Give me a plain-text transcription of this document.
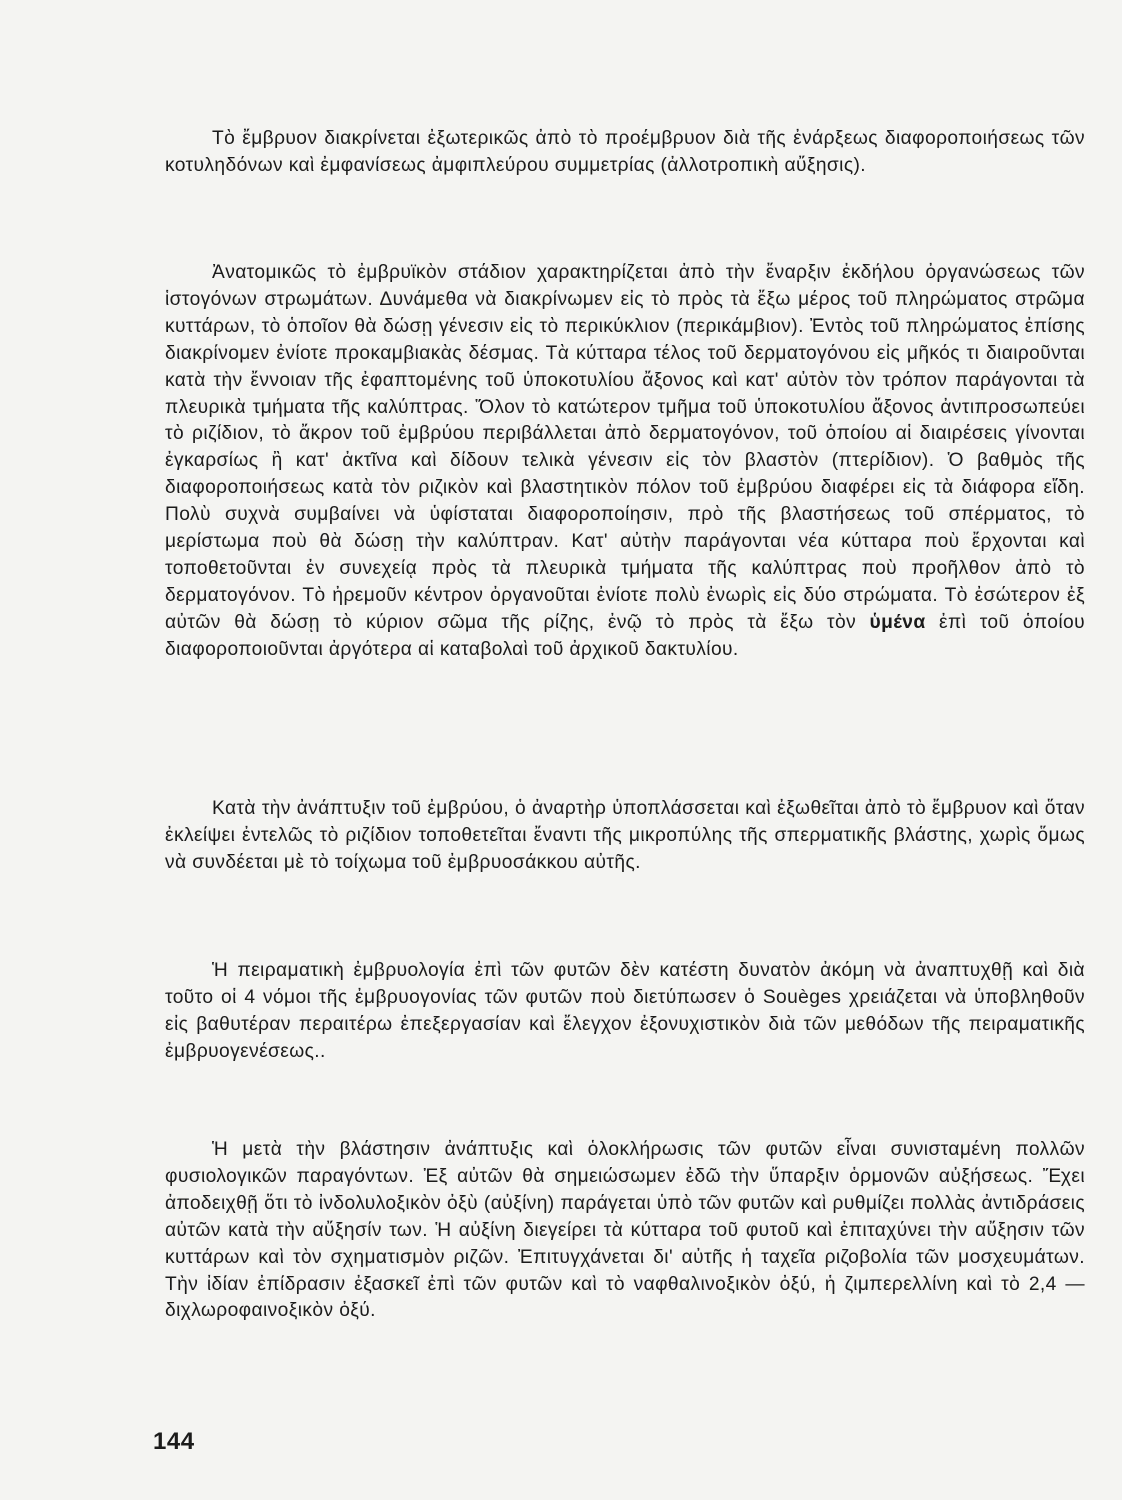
Τὸ ἔμβρυον διακρίνεται ἐξωτερικῶς ἀπὸ τὸ προέμβρυον διὰ τῆς ἐνάρξεως διαφοροποιήσεως τῶν κοτυληδόνων καὶ ἐμφανίσεως ἀμφιπλεύρου συμμετρίας (ἀλλοτροπικὴ αὔξησις).

Ἀνατομικῶς τὸ ἐμβρυϊκὸν στάδιον χαρακτηρίζεται ἀπὸ τὴν ἔναρξιν ἐκδήλου ὀργανώσεως τῶν ἱστογόνων στρωμάτων. Δυνάμεθα νὰ διακρίνωμεν εἰς τὸ πρὸς τὰ ἔξω μέρος τοῦ πληρώματος στρῶμα κυττάρων, τὸ ὁποῖον θὰ δώσῃ γένεσιν εἰς τὸ περικύκλιον (περικάμβιον). Ἐντὸς τοῦ πληρώματος ἐπίσης διακρίνομεν ἐνίοτε προκαμβιακὰς δέσμας. Τὰ κύτταρα τέλος τοῦ δερματογόνου εἰς μῆκός τι διαιροῦνται κατὰ τὴν ἔννοιαν τῆς ἐφαπτομένης τοῦ ὑποκοτυλίου ἄξονος καὶ κατ' αὐτὸν τὸν τρόπον παράγονται τὰ πλευρικὰ τμήματα τῆς καλύπτρας. Ὅλον τὸ κατώτερον τμῆμα τοῦ ὑποκοτυλίου ἄξονος ἀντιπροσωπεύει τὸ ριζίδιον, τὸ ἄκρον τοῦ ἐμβρύου περιβάλλεται ἀπὸ δερματογόνον, τοῦ ὁποίου αἱ διαιρέσεις γίνονται ἐγκαρσίως ἢ κατ' ἀκτῖνα καὶ δίδουν τελικὰ γένεσιν εἰς τὸν βλαστὸν (πτερίδιον). Ὁ βαθμὸς τῆς διαφοροποιήσεως κατὰ τὸν ριζικὸν καὶ βλαστητικὸν πόλον τοῦ ἐμβρύου διαφέρει εἰς τὰ διάφορα εἴδη. Πολὺ συχνὰ συμβαίνει νὰ ὑφίσταται διαφοροποίησιν, πρὸ τῆς βλαστήσεως τοῦ σπέρματος, τὸ μερίστωμα ποὺ θὰ δώσῃ τὴν καλύπτραν. Κατ' αὐτὴν παράγονται νέα κύτταρα ποὺ ἔρχονται καὶ τοποθετοῦνται ἐν συνεχείᾳ πρὸς τὰ πλευρικὰ τμήματα τῆς καλύπτρας ποὺ προῆλθον ἀπὸ τὸ δερματογόνον. Τὸ ἠρεμοῦν κέντρον ὀργανοῦται ἐνίοτε πολὺ ἐνωρὶς εἰς δύο στρώματα. Τὸ ἐσώτερον ἐξ αὐτῶν θὰ δώσῃ τὸ κύριον σῶμα τῆς ρίζης, ἐνῷ τὸ πρὸς τὰ ἔξω τὸν ὑμένα ἐπὶ τοῦ ὁποίου διαφοροποιοῦνται ἀργότερα αἱ καταβολαὶ τοῦ ἀρχικοῦ δακτυλίου.

Κατὰ τὴν ἀνάπτυξιν τοῦ ἐμβρύου, ὁ ἀναρτὴρ ὑποπλάσσεται καὶ ἐξωθεῖται ἀπὸ τὸ ἔμβρυον καὶ ὅταν ἐκλείψει ἐντελῶς τὸ ριζίδιον τοποθετεῖται ἔναντι τῆς μικροπύλης τῆς σπερματικῆς βλάστης, χωρὶς ὅμως νὰ συνδέεται μὲ τὸ τοίχωμα τοῦ ἐμβρυοσάκκου αὐτῆς.

Ἡ πειραματικὴ ἐμβρυολογία ἐπὶ τῶν φυτῶν δὲν κατέστη δυνατὸν ἀκόμη νὰ ἀναπτυχθῇ καὶ διὰ τοῦτο οἱ 4 νόμοι τῆς ἐμβρυογονίας τῶν φυτῶν ποὺ διετύπωσεν ὁ Souèges χρειάζεται νὰ ὑποβληθοῦν εἰς βαθυτέραν περαιτέρω ἐπεξεργασίαν καὶ ἔλεγχον ἐξονυχιστικὸν διὰ τῶν μεθόδων τῆς πειραματικῆς ἐμβρυογενέσεως..

Ἡ μετὰ τὴν βλάστησιν ἀνάπτυξις καὶ ὁλοκλήρωσις τῶν φυτῶν εἶναι συνισταμένη πολλῶν φυσιολογικῶν παραγόντων. Ἐξ αὐτῶν θὰ σημειώσωμεν ἐδῶ τὴν ὕπαρξιν ὁρμονῶν αὐξήσεως. Ἔχει ἀποδειχθῇ ὅτι τὸ ἰνδολυλοξικὸν ὀξὺ (αὐξίνη) παράγεται ὑπὸ τῶν φυτῶν καὶ ρυθμίζει πολλὰς ἀντιδράσεις αὐτῶν κατὰ τὴν αὔξησίν των. Ἡ αὐξίνη διεγείρει τὰ κύτταρα τοῦ φυτοῦ καὶ ἐπιταχύνει τὴν αὔξησιν τῶν κυττάρων καὶ τὸν σχηματισμὸν ριζῶν. Ἐπιτυγχάνεται δι' αὐτῆς ἡ ταχεῖα ριζοβολία τῶν μοσχευμάτων. Τὴν ἰδίαν ἐπίδρασιν ἐξασκεῖ ἐπὶ τῶν φυτῶν καὶ τὸ ναφθαλινοξικὸν ὀξύ, ἡ ζιμπερελλίνη καὶ τὸ 2,4 — διχλωροφαινοξικὸν ὀξύ.

144
